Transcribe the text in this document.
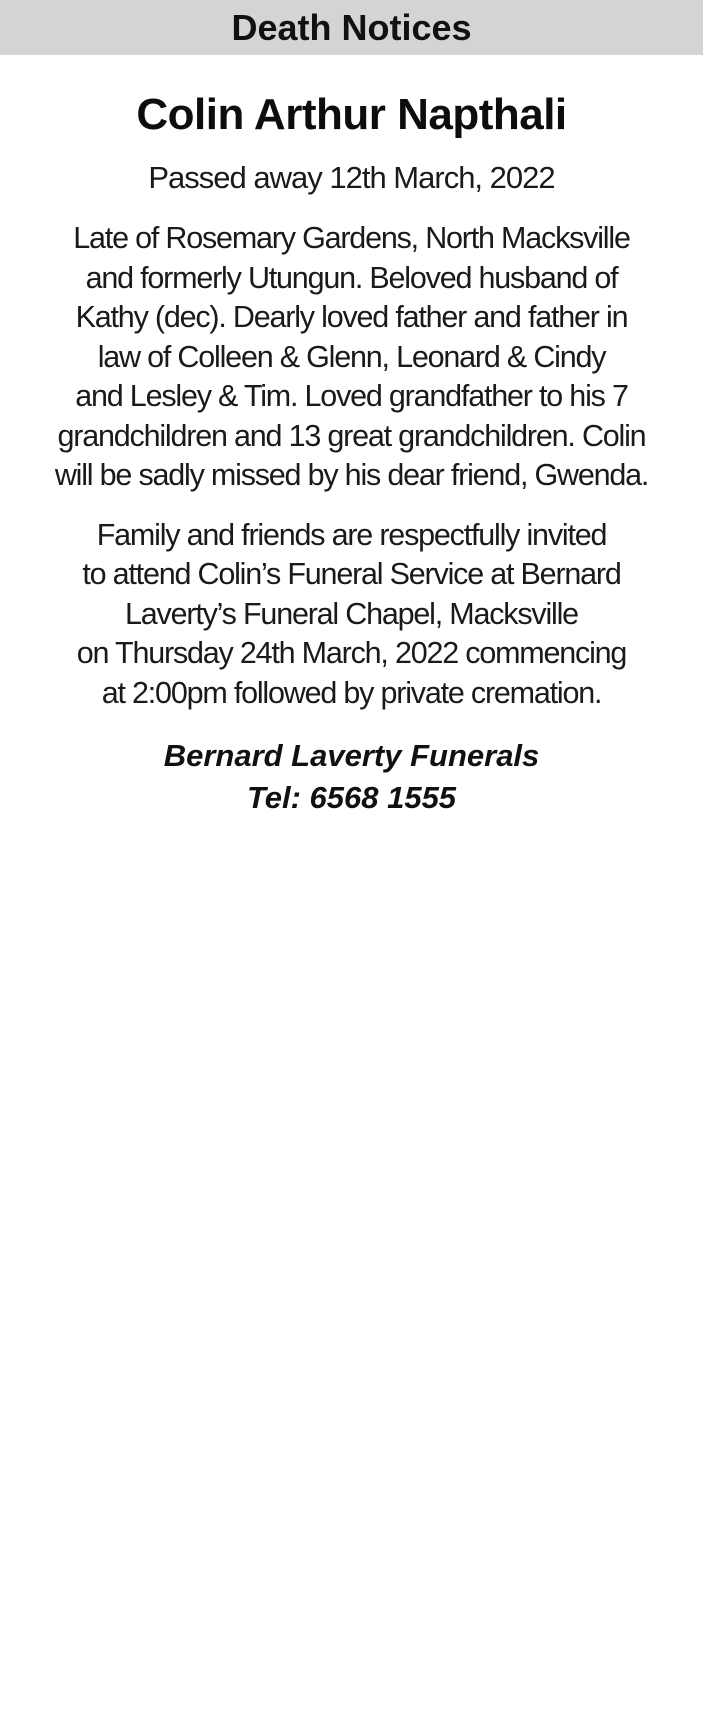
Death Notices
Colin Arthur Napthali
Passed away 12th March, 2022
Late of Rosemary Gardens, North Macksville
and formerly Utungun. Beloved husband of
Kathy (dec). Dearly loved father and father in
law of Colleen & Glenn, Leonard & Cindy
and Lesley & Tim. Loved grandfather to his 7
grandchildren and 13 great grandchildren. Colin
will be sadly missed by his dear friend, Gwenda.
Family and friends are respectfully invited
to attend Colin’s Funeral Service at Bernard
Laverty’s Funeral Chapel, Macksville
on Thursday 24th March, 2022 commencing
at 2:00pm followed by private cremation.
Bernard Laverty Funerals
Tel: 6568 1555
